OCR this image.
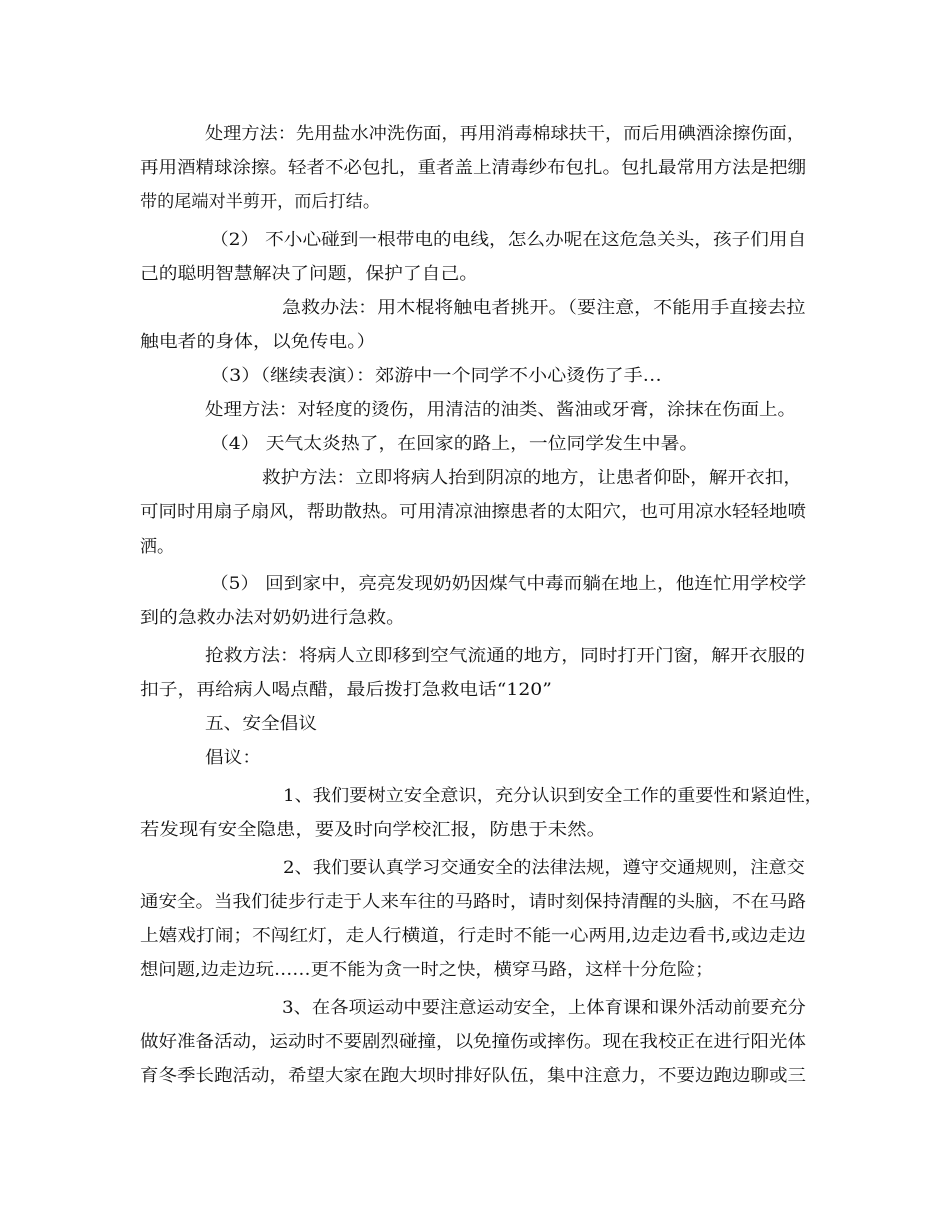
处理方法：先用盐水冲洗伤面，再用消毒棉球扶干，而后用碘酒涂擦伤面，
再用酒精球涂擦。轻者不必包扎，重者盖上清毒纱布包扎。包扎最常用方法是把绷
带的尾端对半剪开，而后打结。
（2） 不小心碰到一根带电的电线，怎么办呢在这危急关头，孩子们用自
己的聪明智慧解决了问题，保护了自己。
急救办法：用木棍将触电者挑开。（要注意，不能用手直接去拉
触电者的身体，以免传电。）
（3）（继续表演）：郊游中一个同学不小心烫伤了手…
处理方法：对轻度的烫伤，用清洁的油类、酱油或牙膏，涂抹在伤面上。
（4） 天气太炎热了，在回家的路上，一位同学发生中暑。
救护方法：立即将病人抬到阴凉的地方，让患者仰卧，解开衣扣，
可同时用扇子扇风，帮助散热。可用清凉油擦患者的太阳穴，也可用凉水轻轻地喷
洒。
（5） 回到家中，亮亮发现奶奶因煤气中毒而躺在地上，他连忙用学校学
到的急救办法对奶奶进行急救。
抢救方法：将病人立即移到空气流通的地方，同时打开门窗，解开衣服的
扣子，再给病人喝点醋，最后拨打急救电话“120”
五、安全倡议
倡议：
1、我们要树立安全意识，充分认识到安全工作的重要性和紧迫性，
若发现有安全隐患，要及时向学校汇报，防患于未然。
2、我们要认真学习交通安全的法律法规，遵守交通规则，注意交
通安全。当我们徒步行走于人来车往的马路时，请时刻保持清醒的头脑，不在马路
上嬉戏打闹；不闯红灯，走人行横道，行走时不能一心两用,边走边看书,或边走边
想问题,边走边玩……更不能为贪一时之快，横穿马路，这样十分危险；
3、在各项运动中要注意运动安全，上体育课和课外活动前要充分
做好准备活动，运动时不要剧烈碰撞，以免撞伤或摔伤。现在我校正在进行阳光体
育冬季长跑活动，希望大家在跑大坝时排好队伍，集中注意力，不要边跑边聊或三
